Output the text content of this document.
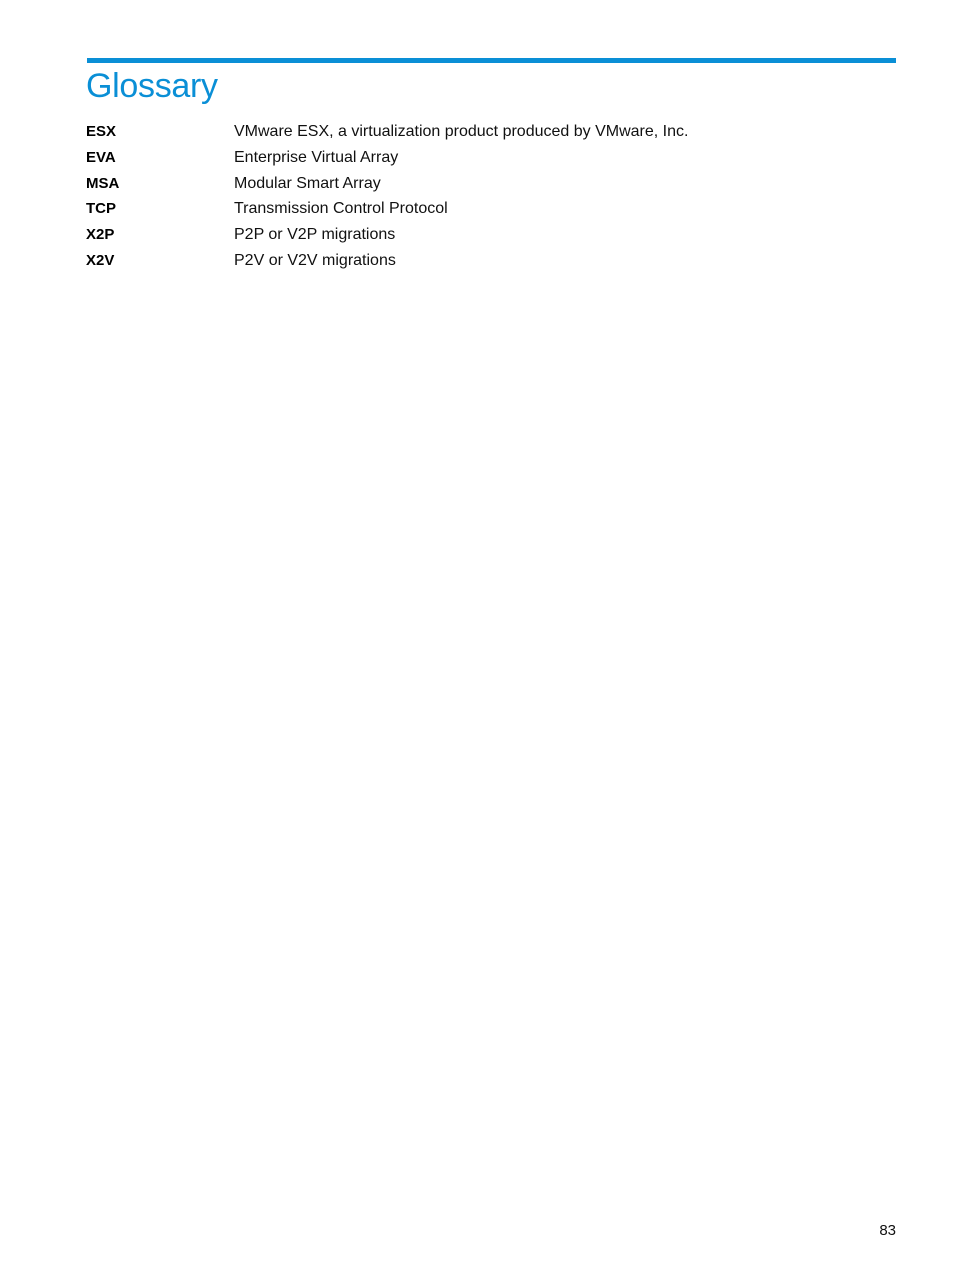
Glossary
ESX	VMware ESX, a virtualization product produced by VMware, Inc.
EVA	Enterprise Virtual Array
MSA	Modular Smart Array
TCP	Transmission Control Protocol
X2P	P2P or V2P migrations
X2V	P2V or V2V migrations
83
